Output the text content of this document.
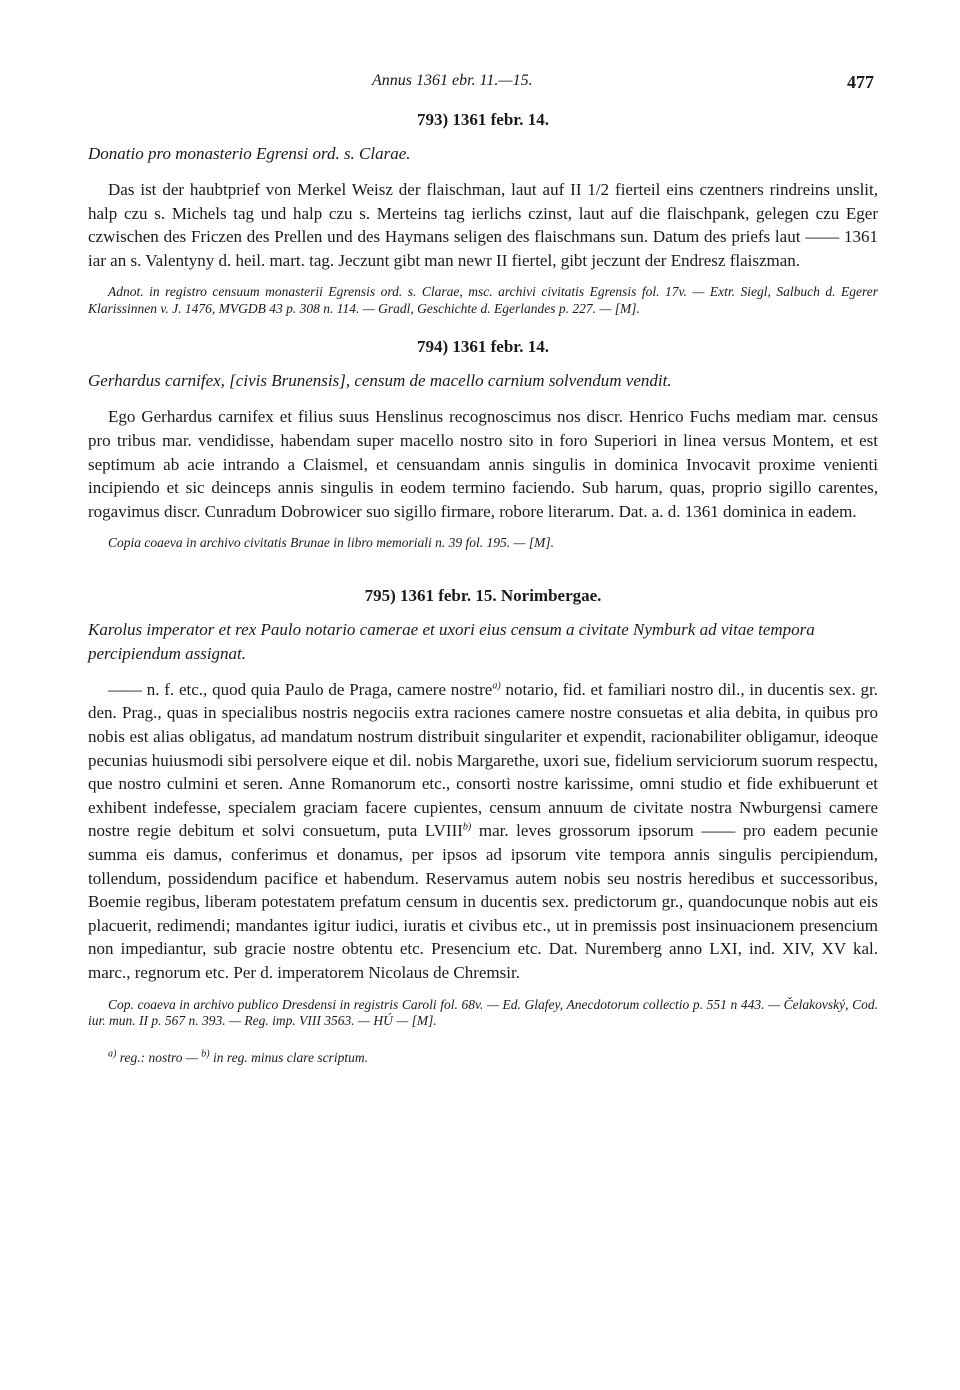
Annus 1361 ebr. 11.—15.	477

793) 1361 febr. 14.

Donatio pro monasterio Egrensi ord. s. Clarae.

Das ist der haubtprief von Merkel Weisz der flaischman, laut auf II 1/2 fierteil eins czentners rindreins unslit, halp czu s. Michels tag und halp czu s. Merteins tag ierlichs czinst, laut auf die flaischpank, gelegen czu Eger czwischen des Friczen des Prellen und des Haymans seligen des flaischmans sun. Datum des priefs laut —— 1361 iar an s. Valentyny d. heil. mart. tag. Jeczunt gibt man newr II fiertel, gibt jeczunt der Endresz flaiszman.

Adnot. in registro censuum monasterii Egrensis ord. s. Clarae, msc. archivi civitatis Egrensis fol. 17v. — Extr. Siegl, Salbuch d. Egerer Klarissinnen v. J. 1476, MVGDB 43 p. 308 n. 114. — Gradl, Geschichte d. Egerlandes p. 227. — [M].

794) 1361 febr. 14.

Gerhardus carnifex, [civis Brunensis], censum de macello carnium solvendum vendit.

Ego Gerhardus carnifex et filius suus Henslinus recognoscimus nos discr. Henrico Fuchs mediam mar. census pro tribus mar. vendidisse, habendam super macello nostro sito in foro Superiori in linea versus Montem, et est septimum ab acie intrando a Claismel, et censuandam annis singulis in dominica Invocavit proxime venienti incipiendo et sic deinceps annis singulis in eodem termino faciendo. Sub harum, quas, proprio sigillo carentes, rogavimus discr. Cunradum Dobrowicer suo sigillo firmare, robore literarum. Dat. a. d. 1361 dominica in eadem.

Copia coaeva in archivo civitatis Brunae in libro memoriali n. 39 fol. 195. — [M].

795) 1361 febr. 15. Norimbergae.

Karolus imperator et rex Paulo notario camerae et uxori eius censum a civitate Nymburk ad vitae tempora percipiendum assignat.

—— n. f. etc., quod quia Paulo de Praga, camere nostre$^{a)}$ notario, fid. et familiari nostro dil., in ducentis sex. gr. den. Prag., quas in specialibus nostris negociis extra raciones camere nostre consuetas et alia debita, in quibus pro nobis est alias obligatus, ad mandatum nostrum distribuit singulariter et expendit, racionabiliter obligamur, ideoque pecunias huiusmodi sibi persolvere eique et dil. nobis Margarethe, uxori sue, fidelium serviciorum suorum respectu, que nostro culmini et seren. Anne Romanorum etc., consorti nostre karissime, omni studio et fide exhibuerunt et exhibent indefesse, specialem graciam facere cupientes, censum annuum de civitate nostra Nwburgensi camere nostre regie debitum et solvi consuetum, puta LVIII$^{b)}$ mar. leves grossorum ipsorum —— pro eadem pecunie summa eis damus, conferimus et donamus, per ipsos ad ipsorum vite tempora annis singulis percipiendum, tollendum, possidendum pacifice et habendum. Reservamus autem nobis seu nostris heredibus et successoribus, Boemie regibus, liberam potestatem prefatum censum in ducentis sex. predictorum gr., quandocunque nobis aut eis placuerit, redimendi; mandantes igitur iudici, iuratis et civibus etc., ut in premissis post insinuacionem presencium non impediantur, sub gracie nostre obtentu etc. Presencium etc. Dat. Nuremberg anno LXI, ind. XIV, XV kal. marc., regnorum etc. Per d. imperatorem Nicolaus de Chremsir.

Cop. coaeva in archivo publico Dresdensi in registris Caroli fol. 68v. — Ed. Glafey, Anecdotorum collectio p. 551 n 443. — Čelakovský, Cod. iur. mun. II p. 567 n. 393. — Reg. imp. VIII 3563. — HÚ — [M].

$^{a)}$ reg.: nostro — $^{b)}$ in reg. minus clare scriptum.
